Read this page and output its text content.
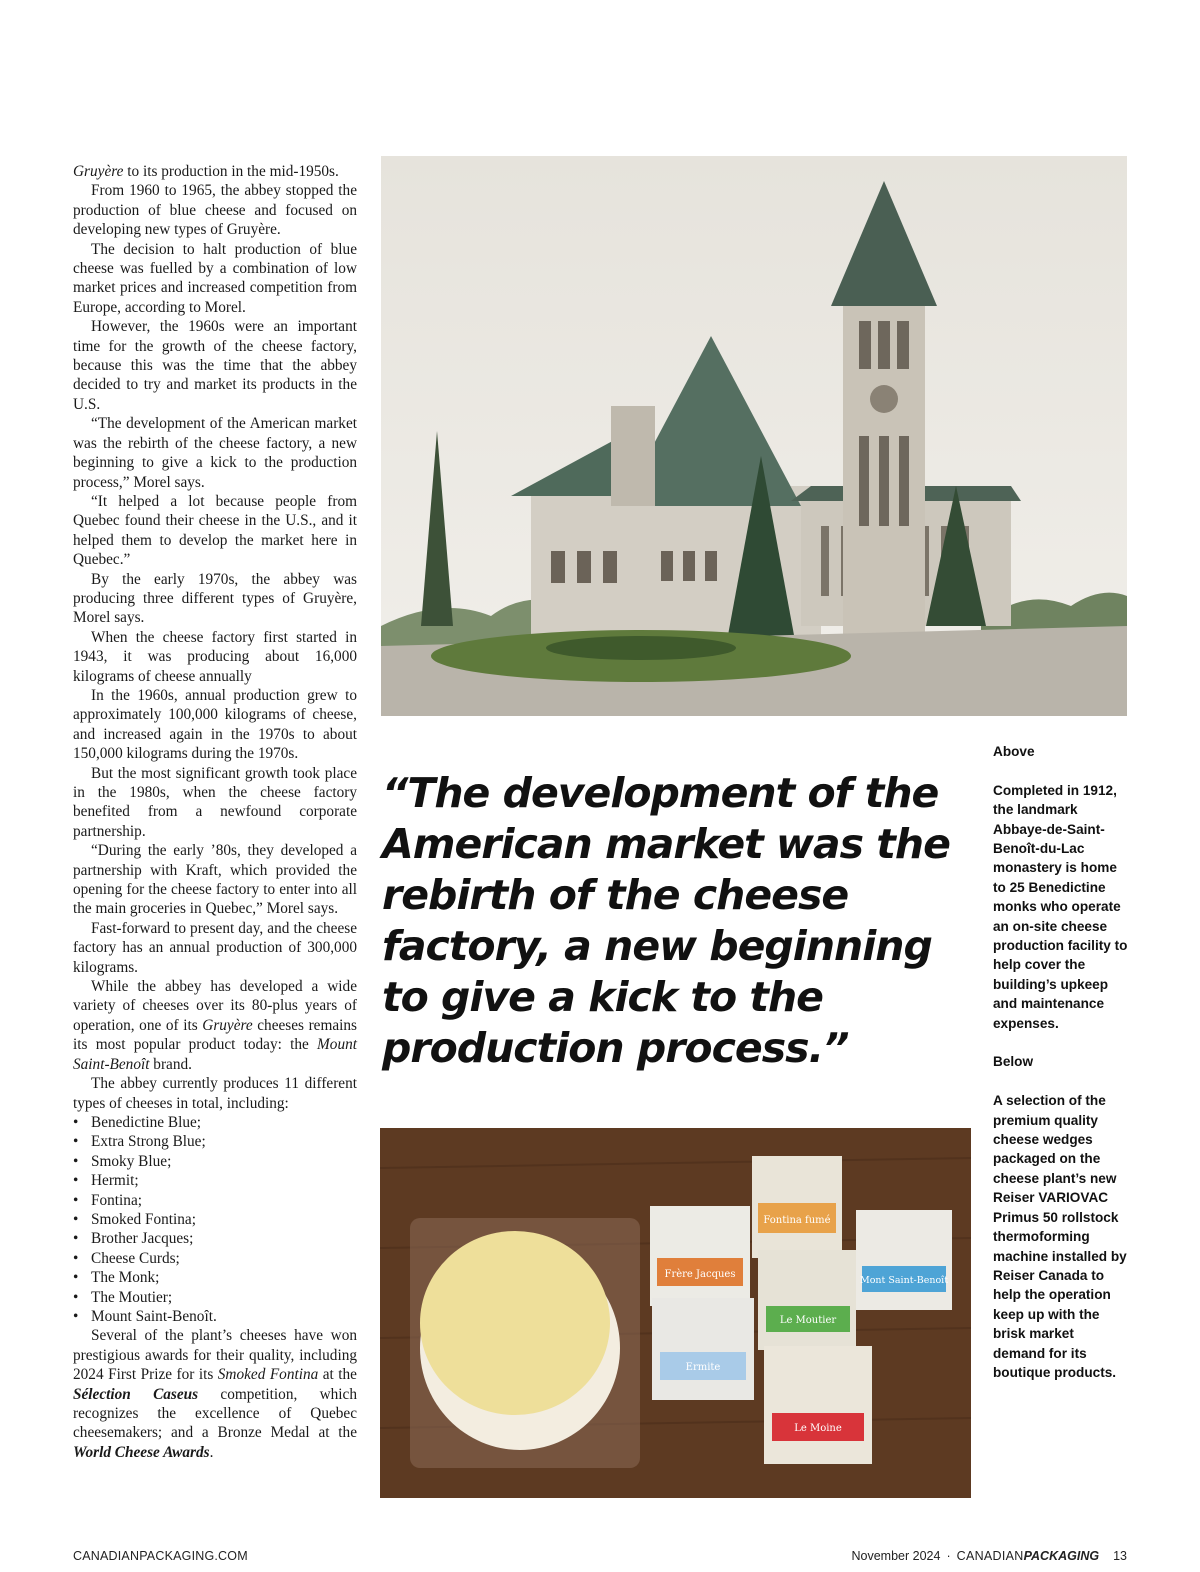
Gruyère to its production in the mid-1950s.

From 1960 to 1965, the abbey stopped the production of blue cheese and focused on developing new types of Gruyère.

The decision to halt production of blue cheese was fuelled by a combination of low market prices and increased competition from Europe, according to Morel.

However, the 1960s were an important time for the growth of the cheese factory, because this was the time that the abbey decided to try and market its products in the U.S.

“The development of the American market was the rebirth of the cheese factory, a new beginning to give a kick to the production process,” Morel says.

“It helped a lot because people from Quebec found their cheese in the U.S., and it helped them to develop the market here in Quebec.”

By the early 1970s, the abbey was producing three different types of Gruyère, Morel says.

When the cheese factory first started in 1943, it was producing about 16,000 kilograms of cheese annually

In the 1960s, annual production grew to approximately 100,000 kilograms of cheese, and increased again in the 1970s to about 150,000 kilograms during the 1970s.

But the most significant growth took place in the 1980s, when the cheese factory benefited from a newfound corporate partnership.

“During the early ’80s, they developed a partnership with Kraft, which provided the opening for the cheese factory to enter into all the main groceries in Quebec,” Morel says.

Fast-forward to present day, and the cheese factory has an annual production of 300,000 kilograms.

While the abbey has developed a wide variety of cheeses over its 80-plus years of operation, one of its Gruyère cheeses remains its most popular product today: the Mount Saint-Benoît brand.

The abbey currently produces 11 different types of cheeses in total, including:

• Benedictine Blue;
• Extra Strong Blue;
• Smoky Blue;
• Hermit;
• Fontina;
• Smoked Fontina;
• Brother Jacques;
• Cheese Curds;
• The Monk;
• The Moutier;
• Mount Saint-Benoît.

Several of the plant’s cheeses have won prestigious awards for their quality, including 2024 First Prize for its Smoked Fontina at the Sélection Caseus competition, which recognizes the excellence of Quebec cheesemakers; and a Bronze Medal at the World Cheese Awards.

“The development of the American market was the rebirth of the cheese factory, a new beginning to give a kick to the production process.”

Above

Completed in 1912, the landmark Abbaye-de-Saint-Benoît-du-Lac monastery is home to 25 Benedictine monks who operate an on-site cheese production facility to help cover the building’s upkeep and maintenance expenses.

Below

A selection of the premium quality cheese wedges packaged on the cheese plant’s new Reiser VARIOVAC Primus 50 rollstock thermoforming machine installed by Reiser Canada to help the operation keep up with the brisk market demand for its boutique products.

Fontina fumé
Frère Jacques
Mont Saint-Benoît
Le Moutier
Ermite
Le Moine
CANADIANPACKAGING.COM	November 2024 · CANADIAN PACKAGING 13
